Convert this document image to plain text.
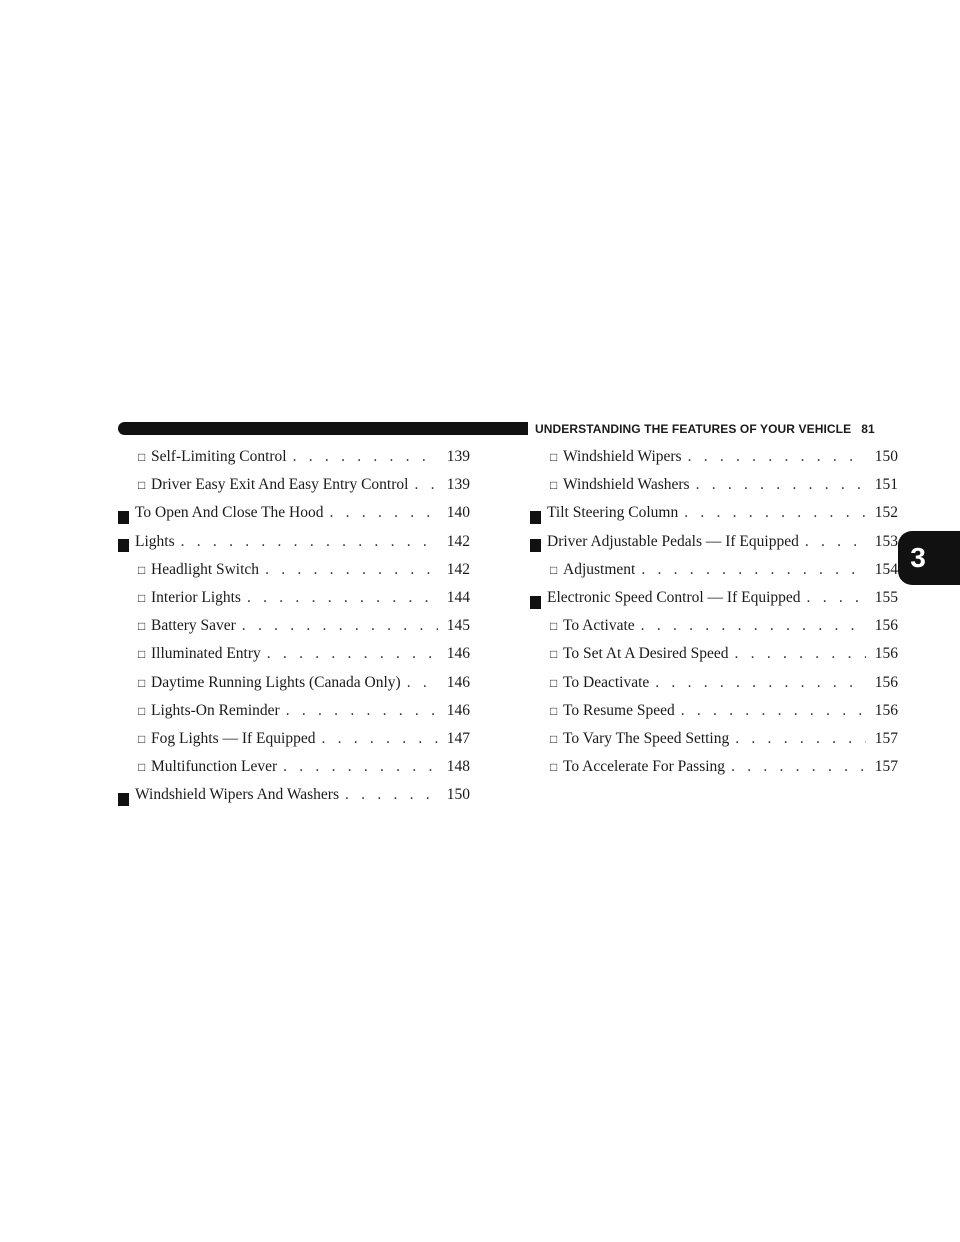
UNDERSTANDING THE FEATURES OF YOUR VEHICLE 81
3
□ Self-Limiting Control . . .	139
□ Driver Easy Exit And Easy Entry Control . . .	139
To Open And Close The Hood . . .	140
Lights . . .	142
□ Headlight Switch . . .	142
□ Interior Lights . . .	144
□ Battery Saver . . .	145
□ Illuminated Entry . . .	146
□ Daytime Running Lights (Canada Only) . . .	146
□ Lights-On Reminder . . .	146
□ Fog Lights — If Equipped . . .	147
□ Multifunction Lever . . .	148
Windshield Wipers And Washers . . .	150
□ Windshield Wipers . . .	150
□ Windshield Washers . . .	151
Tilt Steering Column . . .	152
Driver Adjustable Pedals — If Equipped . . .	153
□ Adjustment . . .	154
Electronic Speed Control — If Equipped . . .	155
□ To Activate . . .	156
□ To Set At A Desired Speed . . .	156
□ To Deactivate . . .	156
□ To Resume Speed . . .	156
□ To Vary The Speed Setting . . .	157
□ To Accelerate For Passing . . .	157
